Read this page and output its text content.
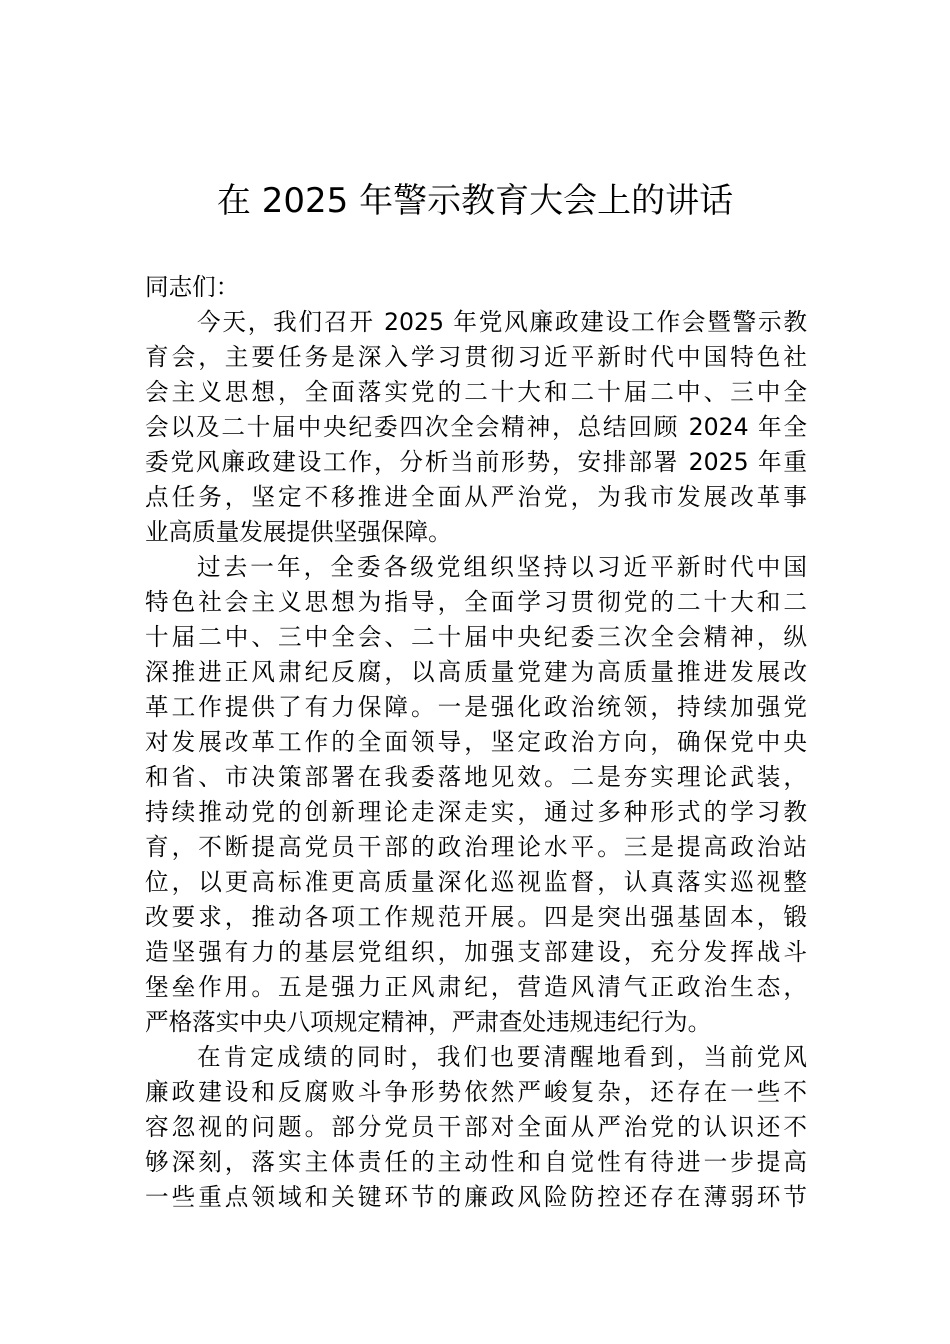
在 2025 年警示教育大会上的讲话

同志们：

今天，我们召开 2025 年党风廉政建设工作会暨警示教
育会，主要任务是深入学习贯彻习近平新时代中国特色社
会主义思想，全面落实党的二十大和二十届二中、三中全
会以及二十届中央纪委四次全会精神，总结回顾 2024 年全
委党风廉政建设工作，分析当前形势，安排部署 2025 年重
点任务，坚定不移推进全面从严治党，为我市发展改革事
业高质量发展提供坚强保障。

过去一年，全委各级党组织坚持以习近平新时代中国
特色社会主义思想为指导，全面学习贯彻党的二十大和二
十届二中、三中全会、二十届中央纪委三次全会精神，纵
深推进正风肃纪反腐，以高质量党建为高质量推进发展改
革工作提供了有力保障。一是强化政治统领，持续加强党
对发展改革工作的全面领导，坚定政治方向，确保党中央
和省、市决策部署在我委落地见效。二是夯实理论武装，
持续推动党的创新理论走深走实，通过多种形式的学习教
育，不断提高党员干部的政治理论水平。三是提高政治站
位，以更高标准更高质量深化巡视监督，认真落实巡视整
改要求，推动各项工作规范开展。四是突出强基固本，锻
造坚强有力的基层党组织，加强支部建设，充分发挥战斗
堡垒作用。五是强力正风肃纪，营造风清气正政治生态，
严格落实中央八项规定精神，严肃查处违规违纪行为。

在肯定成绩的同时，我们也要清醒地看到，当前党风
廉政建设和反腐败斗争形势依然严峻复杂，还存在一些不
容忽视的问题。部分党员干部对全面从严治党的认识还不
够深刻，落实主体责任的主动性和自觉性有待进一步提高
一些重点领域和关键环节的廉政风险防控还存在薄弱环节
